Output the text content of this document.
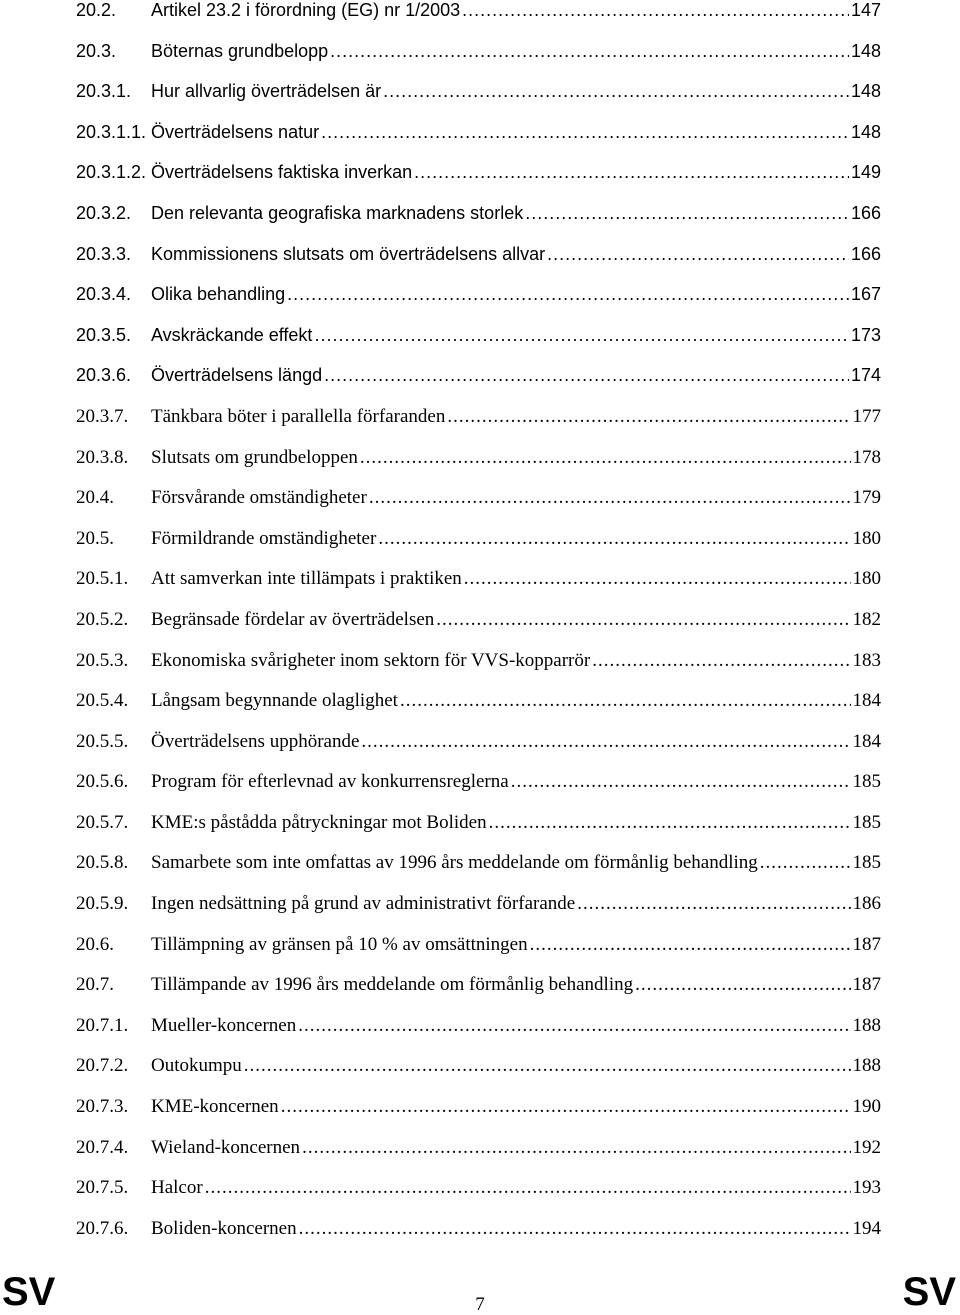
20.2. Artikel 23.2 i förordning (EG) nr 1/2003 .....	147
20.3. Böternas grundbelopp .....	148
20.3.1. Hur allvarlig överträdelsen är .....	148
20.3.1.1. Överträdelsens natur .....	148
20.3.1.2. Överträdelsens faktiska inverkan .....	149
20.3.2. Den relevanta geografiska marknadens storlek .....	166
20.3.3. Kommissionens slutsats om överträdelsens allvar .....	166
20.3.4. Olika behandling .....	167
20.3.5. Avskräckande effekt .....	173
20.3.6. Överträdelsens längd .....	174
20.3.7. Tänkbara böter i parallella förfaranden .....	177
20.3.8. Slutsats om grundbeloppen .....	178
20.4. Försvårande omständigheter .....	179
20.5. Förmildrande omständigheter .....	180
20.5.1. Att samverkan inte tillämpats i praktiken .....	180
20.5.2. Begränsade fördelar av överträdelsen .....	182
20.5.3. Ekonomiska svårigheter inom sektorn för VVS-kopparrör .....	183
20.5.4. Långsam begynnande olaglighet .....	184
20.5.5. Överträdelsens upphörande .....	184
20.5.6. Program för efterlevnad av konkurrensreglerna .....	185
20.5.7. KME:s påstådda påtryckningar mot Boliden .....	185
20.5.8. Samarbete som inte omfattas av 1996 års meddelande om förmånlig behandling .....	185
20.5.9. Ingen nedsättning på grund av administrativt förfarande .....	186
20.6. Tillämpning av gränsen på 10 % av omsättningen .....	187
20.7. Tillämpande av 1996 års meddelande om förmånlig behandling .....	187
20.7.1. Mueller-koncernen .....	188
20.7.2. Outokumpu .....	188
20.7.3. KME-koncernen .....	190
20.7.4. Wieland-koncernen .....	192
20.7.5. Halcor .....	193
20.7.6. Boliden-koncernen .....	194
SV	7	SV
